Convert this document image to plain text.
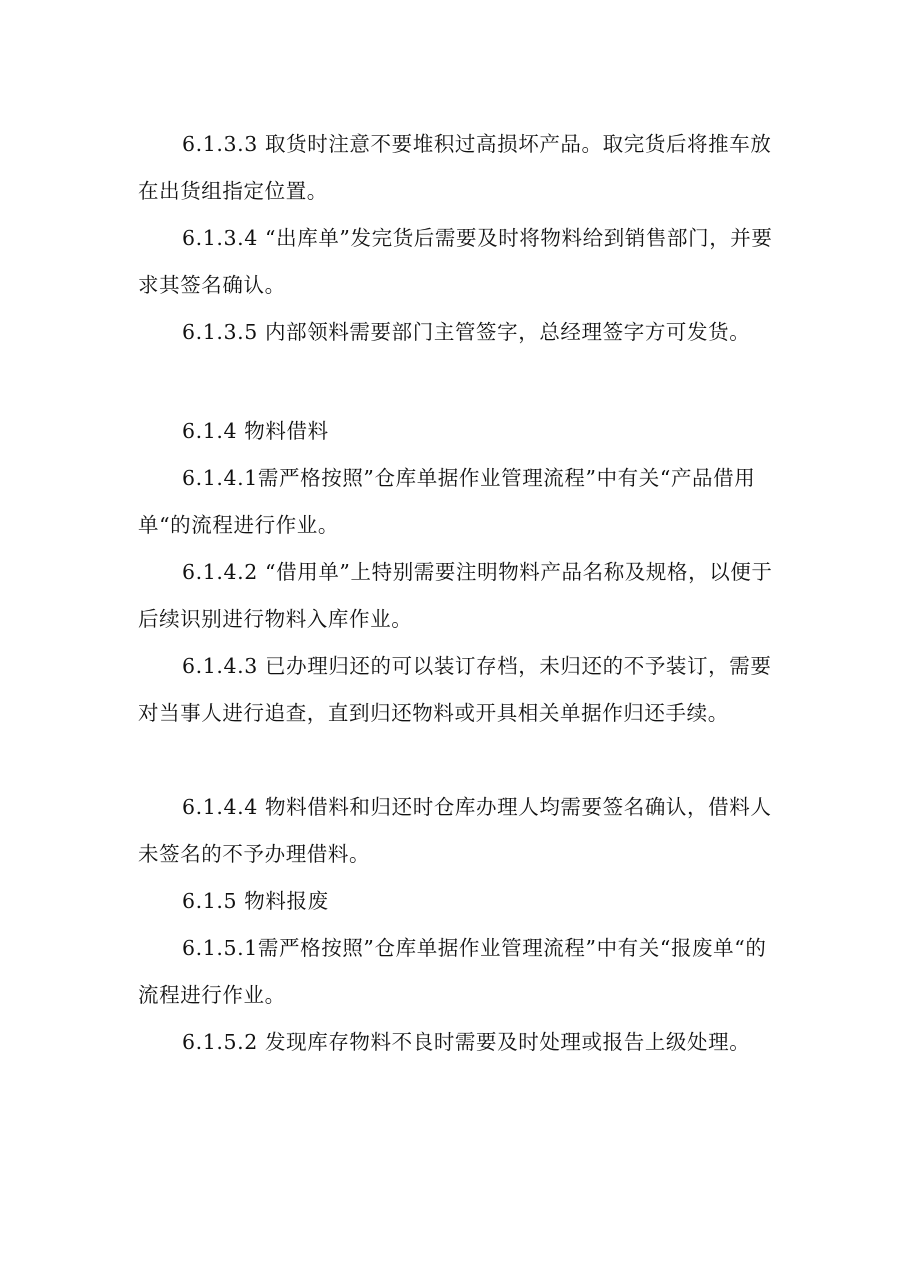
6.1.3.3 取货时注意不要堆积过高损坏产品。取完货后将推车放在出货组指定位置。

6.1.3.4 “出库单”发完货后需要及时将物料给到销售部门，并要求其签名确认。

6.1.3.5 内部领料需要部门主管签字，总经理签字方可发货。

6.1.4 物料借料

6.1.4.1需严格按照”仓库单据作业管理流程”中有关“产品借用单“的流程进行作业。

6.1.4.2 “借用单”上特别需要注明物料产品名称及规格，以便于后续识别进行物料入库作业。

6.1.4.3 已办理归还的可以装订存档，未归还的不予装订，需要对当事人进行追查，直到归还物料或开具相关单据作归还手续。

6.1.4.4 物料借料和归还时仓库办理人均需要签名确认，借料人未签名的不予办理借料。

6.1.5 物料报废

6.1.5.1需严格按照”仓库单据作业管理流程”中有关“报废单“的流程进行作业。

6.1.5.2 发现库存物料不良时需要及时处理或报告上级处理。
